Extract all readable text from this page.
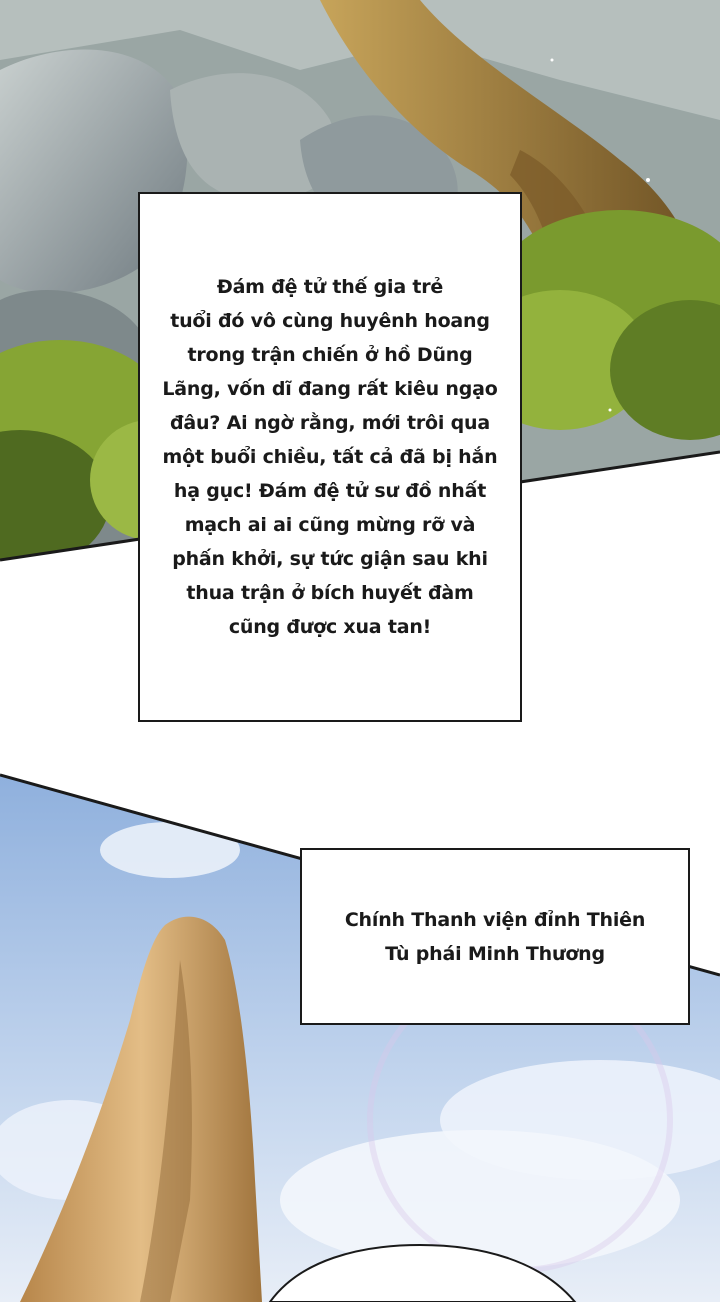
Đám đệ tử thế gia trẻ
tuổi đó vô cùng huyênh hoang
trong trận chiến ở hồ Dũng
Lãng, vốn dĩ đang rất kiêu ngạo
đâu? Ai ngờ rằng, mới trôi qua
một buổi chiều, tất cả đã bị hắn
hạ gục! Đám đệ tử sư đồ nhất
mạch ai ai cũng mừng rỡ và
phấn khởi, sự tức giận sau khi
thua trận ở bích huyết đàm
cũng được xua tan!
Chính Thanh viện đỉnh Thiên
Tù phái Minh Thương
